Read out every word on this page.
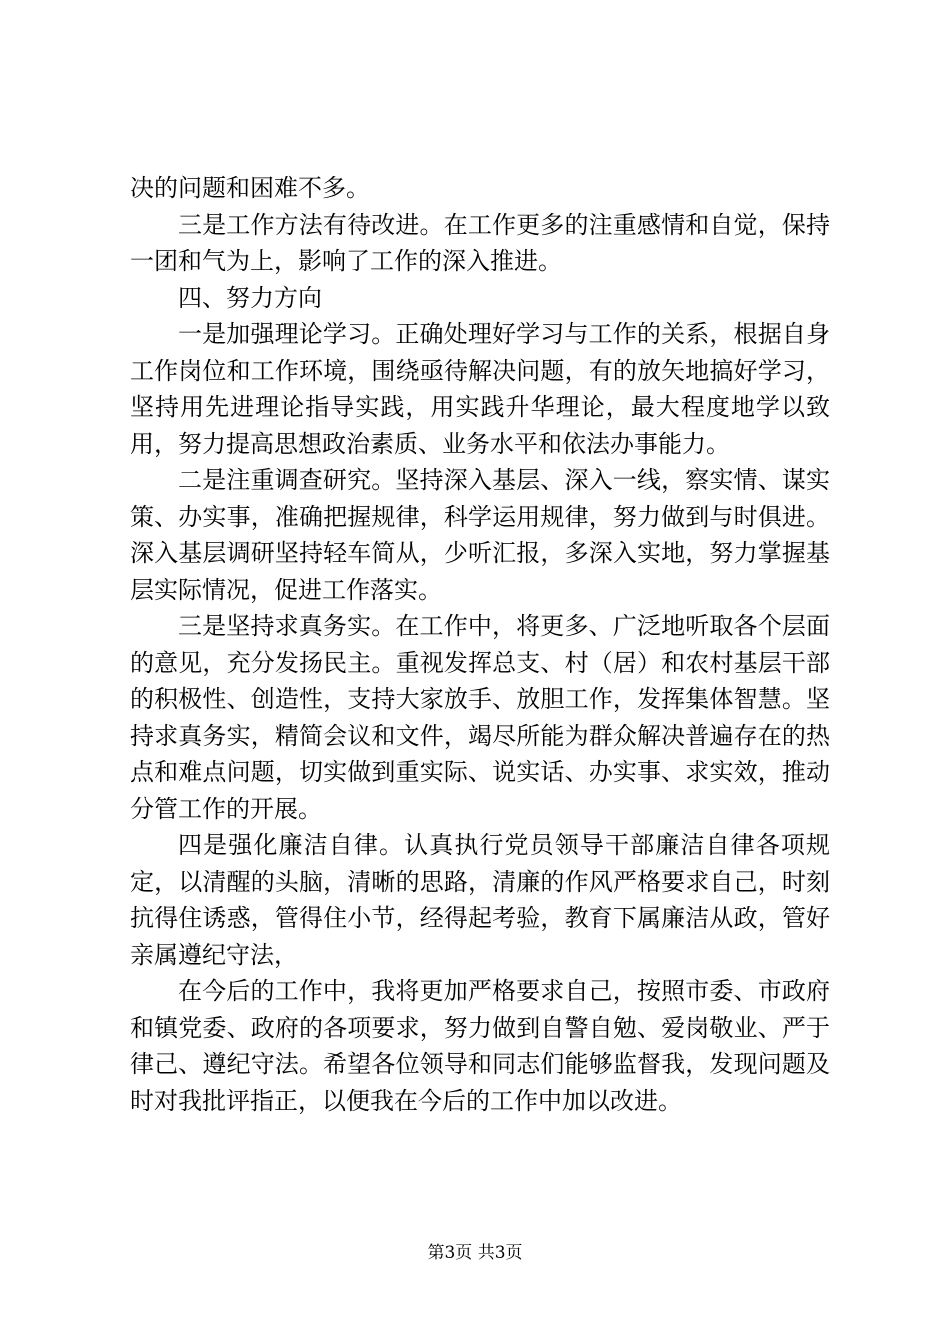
决的问题和困难不多。

三是工作方法有待改进。在工作更多的注重感情和自觉，保持一团和气为上，影响了工作的深入推进。

四、努力方向

一是加强理论学习。正确处理好学习与工作的关系，根据自身工作岗位和工作环境，围绕亟待解决问题，有的放矢地搞好学习，坚持用先进理论指导实践，用实践升华理论，最大程度地学以致用，努力提高思想政治素质、业务水平和依法办事能力。

二是注重调查研究。坚持深入基层、深入一线，察实情、谋实策、办实事，准确把握规律，科学运用规律，努力做到与时俱进。深入基层调研坚持轻车简从，少听汇报，多深入实地，努力掌握基层实际情况，促进工作落实。

三是坚持求真务实。在工作中，将更多、广泛地听取各个层面的意见，充分发扬民主。重视发挥总支、村（居）和农村基层干部的积极性、创造性，支持大家放手、放胆工作，发挥集体智慧。坚持求真务实，精简会议和文件，竭尽所能为群众解决普遍存在的热点和难点问题，切实做到重实际、说实话、办实事、求实效，推动分管工作的开展。

四是强化廉洁自律。认真执行党员领导干部廉洁自律各项规定，以清醒的头脑，清晰的思路，清廉的作风严格要求自己，时刻抗得住诱惑，管得住小节，经得起考验，教育下属廉洁从政，管好亲属遵纪守法，

在今后的工作中，我将更加严格要求自己，按照市委、市政府和镇党委、政府的各项要求，努力做到自警自勉、爱岗敬业、严于律己、遵纪守法。希望各位领导和同志们能够监督我，发现问题及时对我批评指正，以便我在今后的工作中加以改进。

第3页 共3页
